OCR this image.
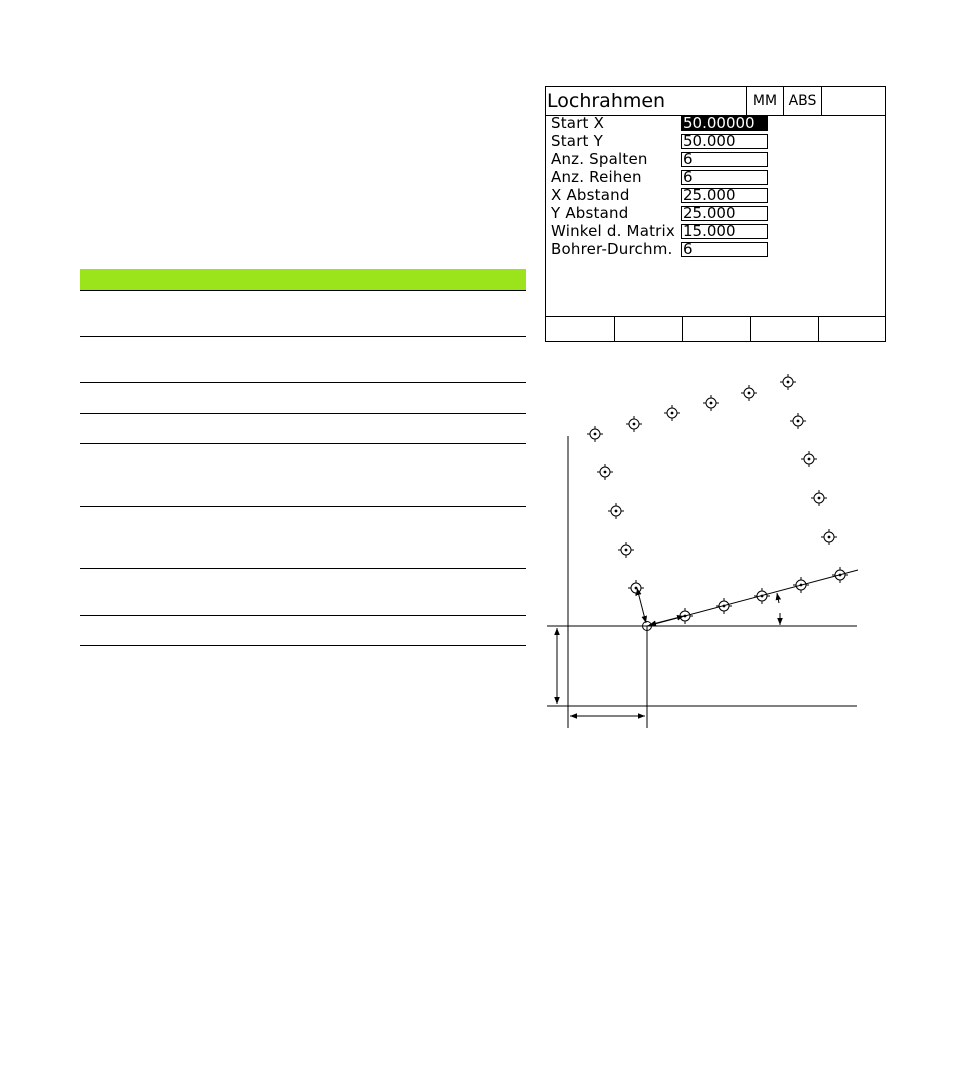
Lochrahmen	MM ABS
Start X	50.00000
Start Y	50.000
Anz. Spalten 6
Anz. Reihen	6
X Abstand	25.000
Y Abstand	25.000
Winkel d. Matrix 15.000
Bohrer-Durchm. 6
